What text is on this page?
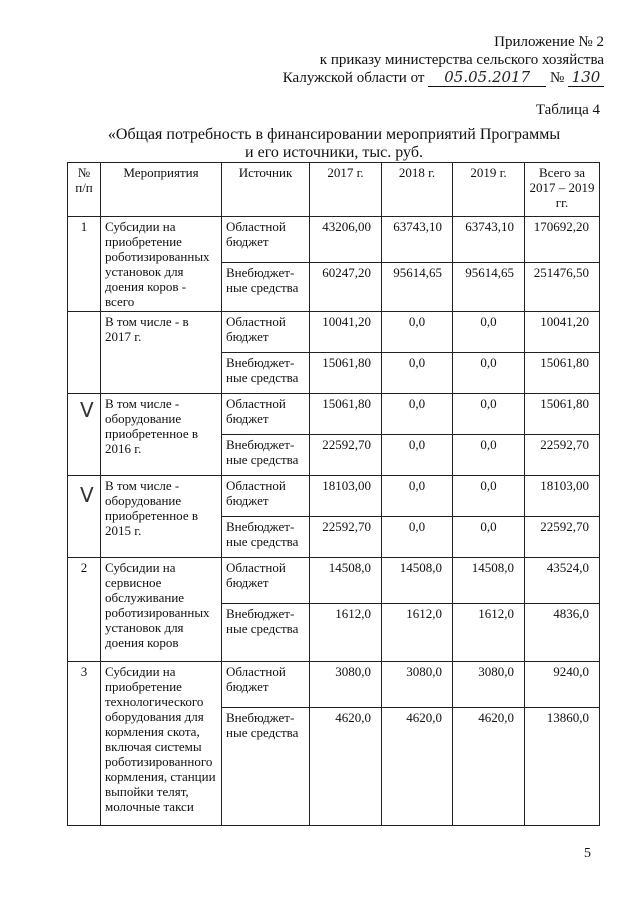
Приложение № 2
к приказу министерства сельского хозяйства
Калужской области от 05.05.2017 № 130
Таблица 4
«Общая потребность в финансировании мероприятий Программы
и его источники, тыс. руб.
№ п/п	Мероприятия	Источник	2017 г.	2018 г.	2019 г.	Всего за 2017 – 2019 гг.
1	Субсидии на приобретение роботизированных установок для доения коров - всего	Областной бюджет	43206,00	63743,10	63743,10	170692,20
		Внебюджет-ные средства	60247,20	95614,65	95614,65	251476,50
	В том числе - в 2017 г.	Областной бюджет	10041,20	0,0	0,0	10041,20
		Внебюджет-ные средства	15061,80	0,0	0,0	15061,80
	В том числе - оборудование приобретенное в 2016 г.	Областной бюджет	15061,80	0,0	0,0	15061,80
		Внебюджет-ные средства	22592,70	0,0	0,0	22592,70
	В том числе - оборудование приобретенное в 2015 г.	Областной бюджет	18103,00	0,0	0,0	18103,00
		Внебюджет-ные средства	22592,70	0,0	0,0	22592,70
2	Субсидии на сервисное обслуживание роботизированных установок для доения коров	Областной бюджет	14508,0	14508,0	14508,0	43524,0
		Внебюджет-ные средства	1612,0	1612,0	1612,0	4836,0
3	Субсидии на приобретение технологического оборудования для кормления скота, включая системы роботизированного кормления, станции выпойки телят, молочные такси	Областной бюджет	3080,0	3080,0	3080,0	9240,0
		Внебюджет-ные средства	4620,0	4620,0	4620,0	13860,0
V
V
5
